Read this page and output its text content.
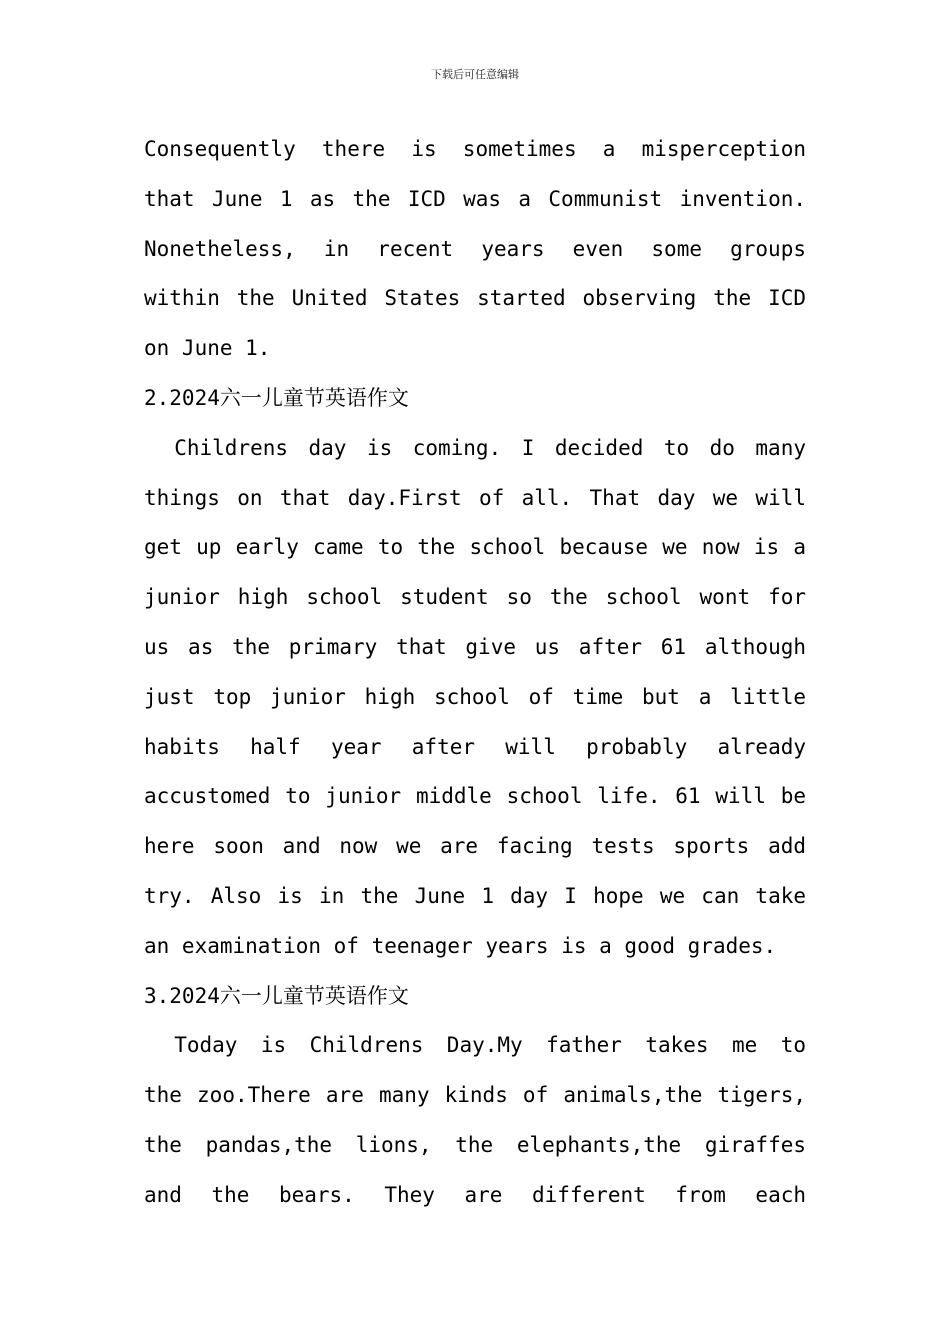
下载后可任意编辑
Consequently there is sometimes a misperception
that June 1 as the ICD was a Communist invention.
Nonetheless, in recent years even some groups
within the United States started observing the ICD
on June 1.
2.2024六一儿童节英语作文
Childrens day is coming. I decided to do many
things on that day.First of all. That day we will
get up early came to the school because we now is a
junior high school student so the school wont for
us as the primary that give us after 61 although
just top junior high school of time but a little
habits half year after will probably already
accustomed to junior middle school life. 61 will be
here soon and now we are facing tests sports add
try. Also is in the June 1 day I hope we can take
an examination of teenager years is a good grades.
3.2024六一儿童节英语作文
Today is Childrens Day.My father takes me to
the zoo.There are many kinds of animals,the tigers,
the pandas,the lions, the elephants,the giraffes
and the bears. They are different from each
